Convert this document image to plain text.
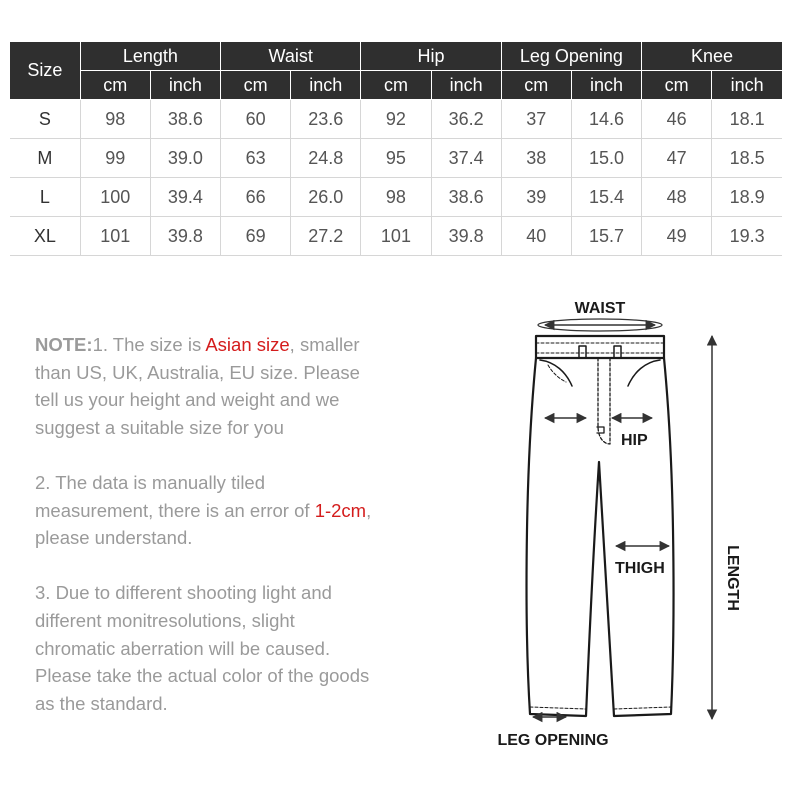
Size	Length		Waist		Hip		Leg Opening		Knee	
	cm	inch	cm	inch	cm	inch	cm	inch	cm	inch
S	98	38.6	60	23.6	92	36.2	37	14.6	46	18.1
M	99	39.0	63	24.8	95	37.4	38	15.0	47	18.5
L	100	39.4	66	26.0	98	38.6	39	15.4	48	18.9
XL	101	39.8	69	27.2	101	39.8	40	15.7	49	19.3

NOTE:1. The size is Asian size, smaller than US, UK, Australia, EU size. Please tell us your height and weight and we suggest a suitable size for you

2. The data is manually tiled measurement, there is an error of 1-2cm, please understand.

3. Due to different shooting light and different monitresolutions, slight chromatic aberration will be caused. Please take the actual color of the goods as the standard.

WAIST
HIP
THIGH
LEG OPENING
LENGTH
